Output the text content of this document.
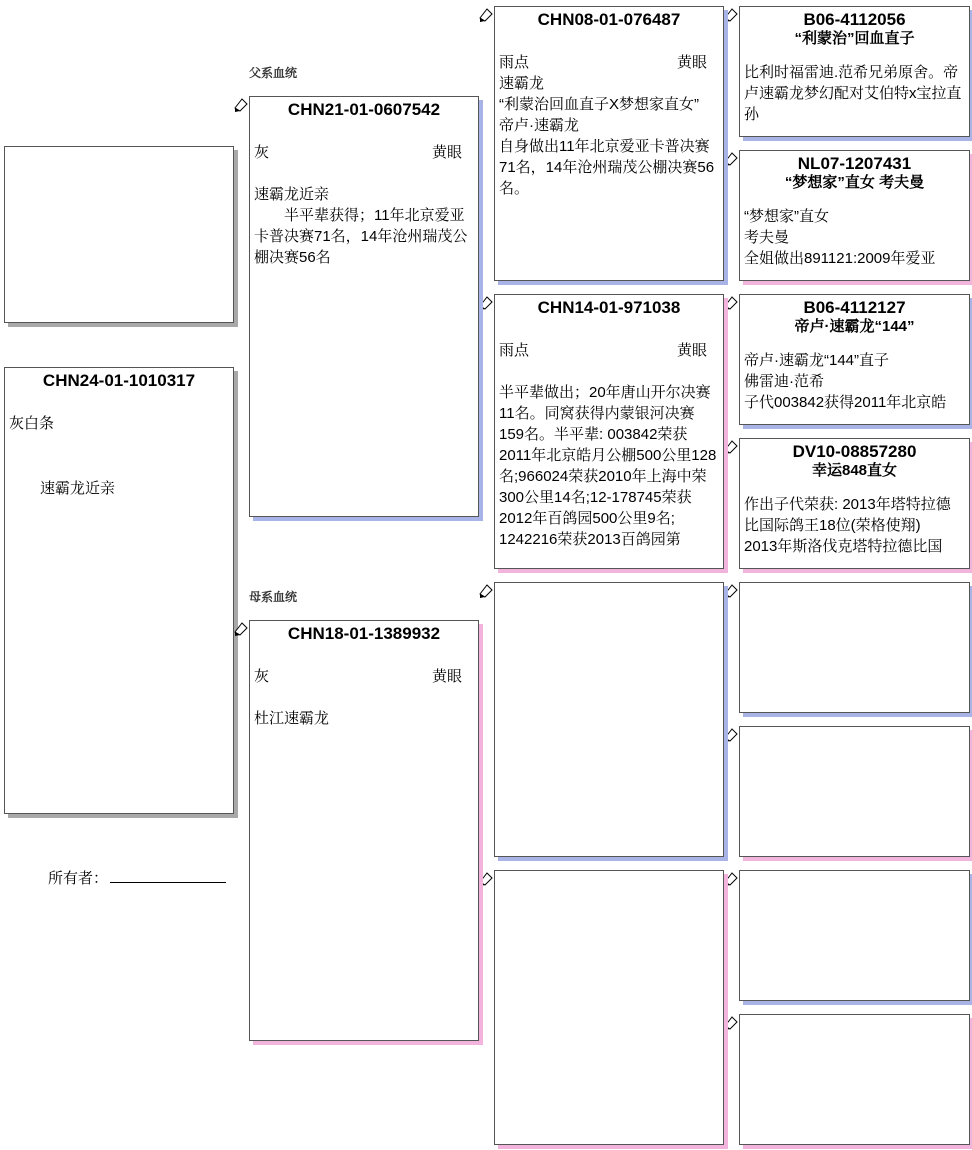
CHN24-01-1010317
灰白条
速霸龙近亲
所有者：
父系血统
母系血统
CHN21-01-0607542
灰	黄眼
速霸龙近亲
　　半平辈获得；11年北京爱亚卡普决赛71名，14年沧州瑞茂公棚决赛56名
CHN18-01-1389932
灰	黄眼
杜江速霸龙
CHN08-01-076487
雨点	黄眼
速霸龙
“利蒙治回血直子X梦想家直女”
帝卢·速霸龙
自身做出11年北京爱亚卡普决赛71名，14年沧州瑞茂公棚决赛56名。
CHN14-01-971038
雨点	黄眼
半平辈做出；20年唐山开尔决赛11名。同窝获得内蒙银河决赛159名。半平辈: 003842荣获2011年北京皓月公棚500公里128名;966024荣获2010年上海中荣300公里14名;12-178745荣获2012年百鸽园500公里9名; 1242216荣获2013百鸽园第
B06-4112056
“利蒙治”回血直子
比利时福雷迪.范希兄弟原舍。帝卢速霸龙梦幻配对艾伯特x宝拉直孙
NL07-1207431
“梦想家”直女 考夫曼
“梦想家”直女
考夫曼
全姐做出891121:2009年爱亚
B06-4112127
帝卢·速霸龙“144”
帝卢·速霸龙“144”直子
佛雷迪·范希
子代003842获得2011年北京皓
DV10-08857280
幸运848直女
作出子代荣获: 2013年塔特拉德比国际鸽王18位(荣格使翔)
2013年斯洛伐克塔特拉德比国
